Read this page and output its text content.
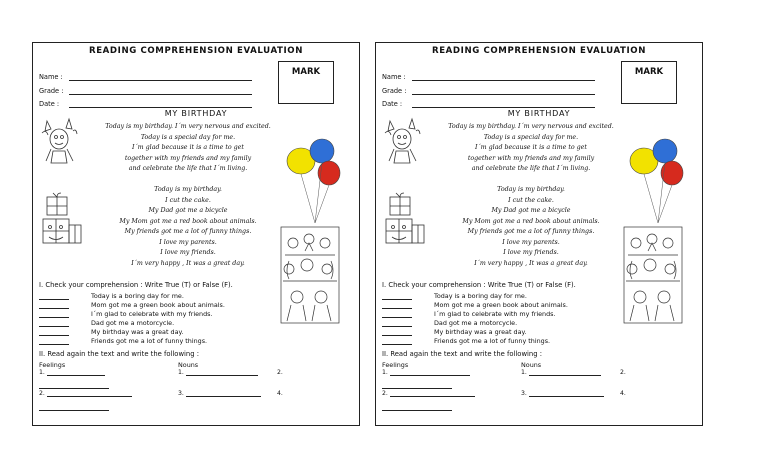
READING COMPREHENSION EVALUATION
Name :
Grade :
Date :
MARK
MY BIRTHDAY
Today is my birthday. I´m very nervous and excited.
Today is a special day for me.
I´m glad because it is a time to get
together with my friends and my family
and celebrate the life that I´m living.
Today is my birthday.
I cut the cake.
My Dad got me a bicycle
My Mom got me a red book about animals.
My friends got me a lot of funny things.
I love my parents.
I love my friends.
I´m very happy , It was a great day.
I. Check your comprehension : Write True (T) or False (F).
Today is a boring day for me.
Mom got me a green book about animals.
I´m glad to celebrate with my friends.
Dad got me a motorcycle.
My birthday was a great day.
Friends got me a lot of funny things.
II. Read again the text and write the following :
Feelings	Nouns
1.	1.	2.
2.	3.	4.
READING COMPREHENSION EVALUATION
Name :
Grade :
Date :
MARK
MY BIRTHDAY
Today is my birthday. I´m very nervous and excited.
Today is a special day for me.
I´m glad because it is a time to get
together with my friends and my family
and celebrate the life that I´m living.
Today is my birthday.
I cut the cake.
My Dad got me a bicycle
My Mom got me a red book about animals.
My friends got me a lot of funny things.
I love my parents.
I love my friends.
I´m very happy , It was a great day.
I. Check your comprehension : Write True (T) or False (F).
Today is a boring day for me.
Mom got me a green book about animals.
I´m glad to celebrate with my friends.
Dad got me a motorcycle.
My birthday was a great day.
Friends got me a lot of funny things.
II. Read again the text and write the following :
Feelings	Nouns
1.	1.	2.
2.	3.	4.
